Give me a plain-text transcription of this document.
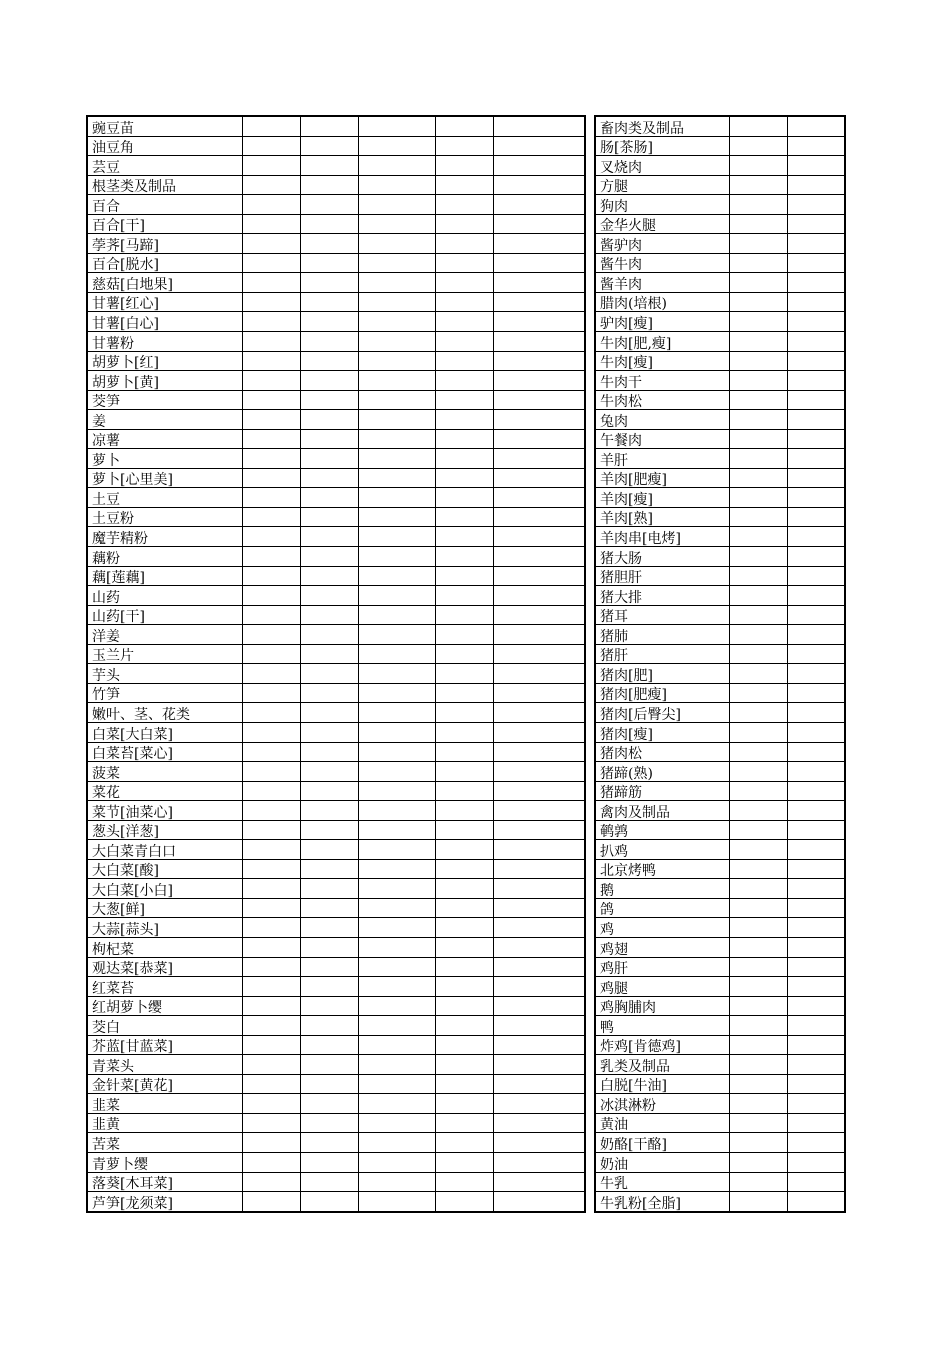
豌豆苗					
油豆角					
芸豆					
根茎类及制品					
百合					
百合[干]					
荸荠[马蹄]					
百合[脱水]					
慈菇[白地果]					
甘薯[红心]					
甘薯[白心]					
甘薯粉					
胡萝卜[红]					
胡萝卜[黄]					
茭笋					
姜					
凉薯					
萝卜					
萝卜[心里美]					
土豆					
土豆粉					
魔芋精粉					
藕粉					
藕[莲藕]					
山药					
山药[干]					
洋姜					
玉兰片					
芋头					
竹笋					
嫩叶、茎、花类					
白菜[大白菜]					
白菜苔[菜心]					
菠菜					
菜花					
菜节[油菜心]					
葱头[洋葱]					
大白菜青白口					
大白菜[酸]					
大白菜[小白]					
大葱[鲜]					
大蒜[蒜头]					
枸杞菜					
观达菜[恭菜]					
红菜苔					
红胡萝卜缨					
茭白					
芥蓝[甘蓝菜]					
青菜头					
金针菜[黄花]					
韭菜					
韭黄					
苦菜					
青萝卜缨					
落葵[木耳菜]					
芦笋[龙须菜]					
畜肉类及制品		
肠[茶肠]		
叉烧肉		
方腿		
狗肉		
金华火腿		
酱驴肉		
酱牛肉		
酱羊肉		
腊肉(培根)		
驴肉[瘦]		
牛肉[肥,瘦]		
牛肉[瘦]		
牛肉干		
牛肉松		
兔肉		
午餐肉		
羊肝		
羊肉[肥瘦]		
羊肉[瘦]		
羊肉[熟]		
羊肉串[电烤]		
猪大肠		
猪胆肝		
猪大排		
猪耳		
猪肺		
猪肝		
猪肉[肥]		
猪肉[肥瘦]		
猪肉[后臀尖]		
猪肉[瘦]		
猪肉松		
猪蹄(熟)		
猪蹄筋		
禽肉及制品		
鹌鹑		
扒鸡		
北京烤鸭		
鹅		
鸽		
鸡		
鸡翅		
鸡肝		
鸡腿		
鸡胸脯肉		
鸭		
炸鸡[肯德鸡]		
乳类及制品		
白脱[牛油]		
冰淇淋粉		
黄油		
奶酪[干酪]		
奶油		
牛乳		
牛乳粉[全脂]		
